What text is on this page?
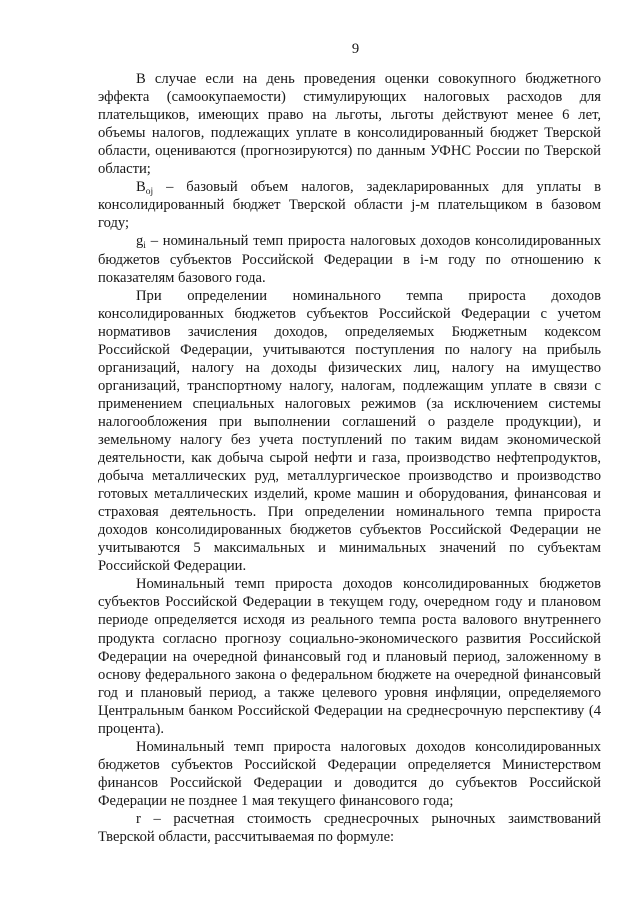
9

В случае если на день проведения оценки совокупного бюджетного эффекта (самоокупаемости) стимулирующих налоговых расходов для плательщиков, имеющих право на льготы, льготы действуют менее 6 лет, объемы налогов, подлежащих уплате в консолидированный бюджет Тверской области, оцениваются (прогнозируются) по данным УФНС России по Тверской области;

$B_{oj}$ – базовый объем налогов, задекларированных для уплаты в консолидированный бюджет Тверской области j-м плательщиком в базовом году;

$g_i$ – номинальный темп прироста налоговых доходов консолидированных бюджетов субъектов Российской Федерации в i-м году по отношению к показателям базового года.

При определении номинального темпа прироста доходов консолидированных бюджетов субъектов Российской Федерации с учетом нормативов зачисления доходов, определяемых Бюджетным кодексом Российской Федерации, учитываются поступления по налогу на прибыль организаций, налогу на доходы физических лиц, налогу на имущество организаций, транспортному налогу, налогам, подлежащим уплате в связи с применением специальных налоговых режимов (за исключением системы налогообложения при выполнении соглашений о разделе продукции), и земельному налогу без учета поступлений по таким видам экономической деятельности, как добыча сырой нефти и газа, производство нефтепродуктов, добыча металлических руд, металлургическое производство и производство готовых металлических изделий, кроме машин и оборудования, финансовая и страховая деятельность. При определении номинального темпа прироста доходов консолидированных бюджетов субъектов Российской Федерации не учитываются 5 максимальных и минимальных значений по субъектам Российской Федерации.

Номинальный темп прироста доходов консолидированных бюджетов субъектов Российской Федерации в текущем году, очередном году и плановом периоде определяется исходя из реального темпа роста валового внутреннего продукта согласно прогнозу социально-экономического развития Российской Федерации на очередной финансовый год и плановый период, заложенному в основу федерального закона о федеральном бюджете на очередной финансовый год и плановый период, а также целевого уровня инфляции, определяемого Центральным банком Российской Федерации на среднесрочную перспективу (4 процента).

Номинальный темп прироста налоговых доходов консолидированных бюджетов субъектов Российской Федерации определяется Министерством финансов Российской Федерации и доводится до субъектов Российской Федерации не позднее 1 мая текущего финансового года;

r – расчетная стоимость среднесрочных рыночных заимствований Тверской области, рассчитываемая по формуле:
